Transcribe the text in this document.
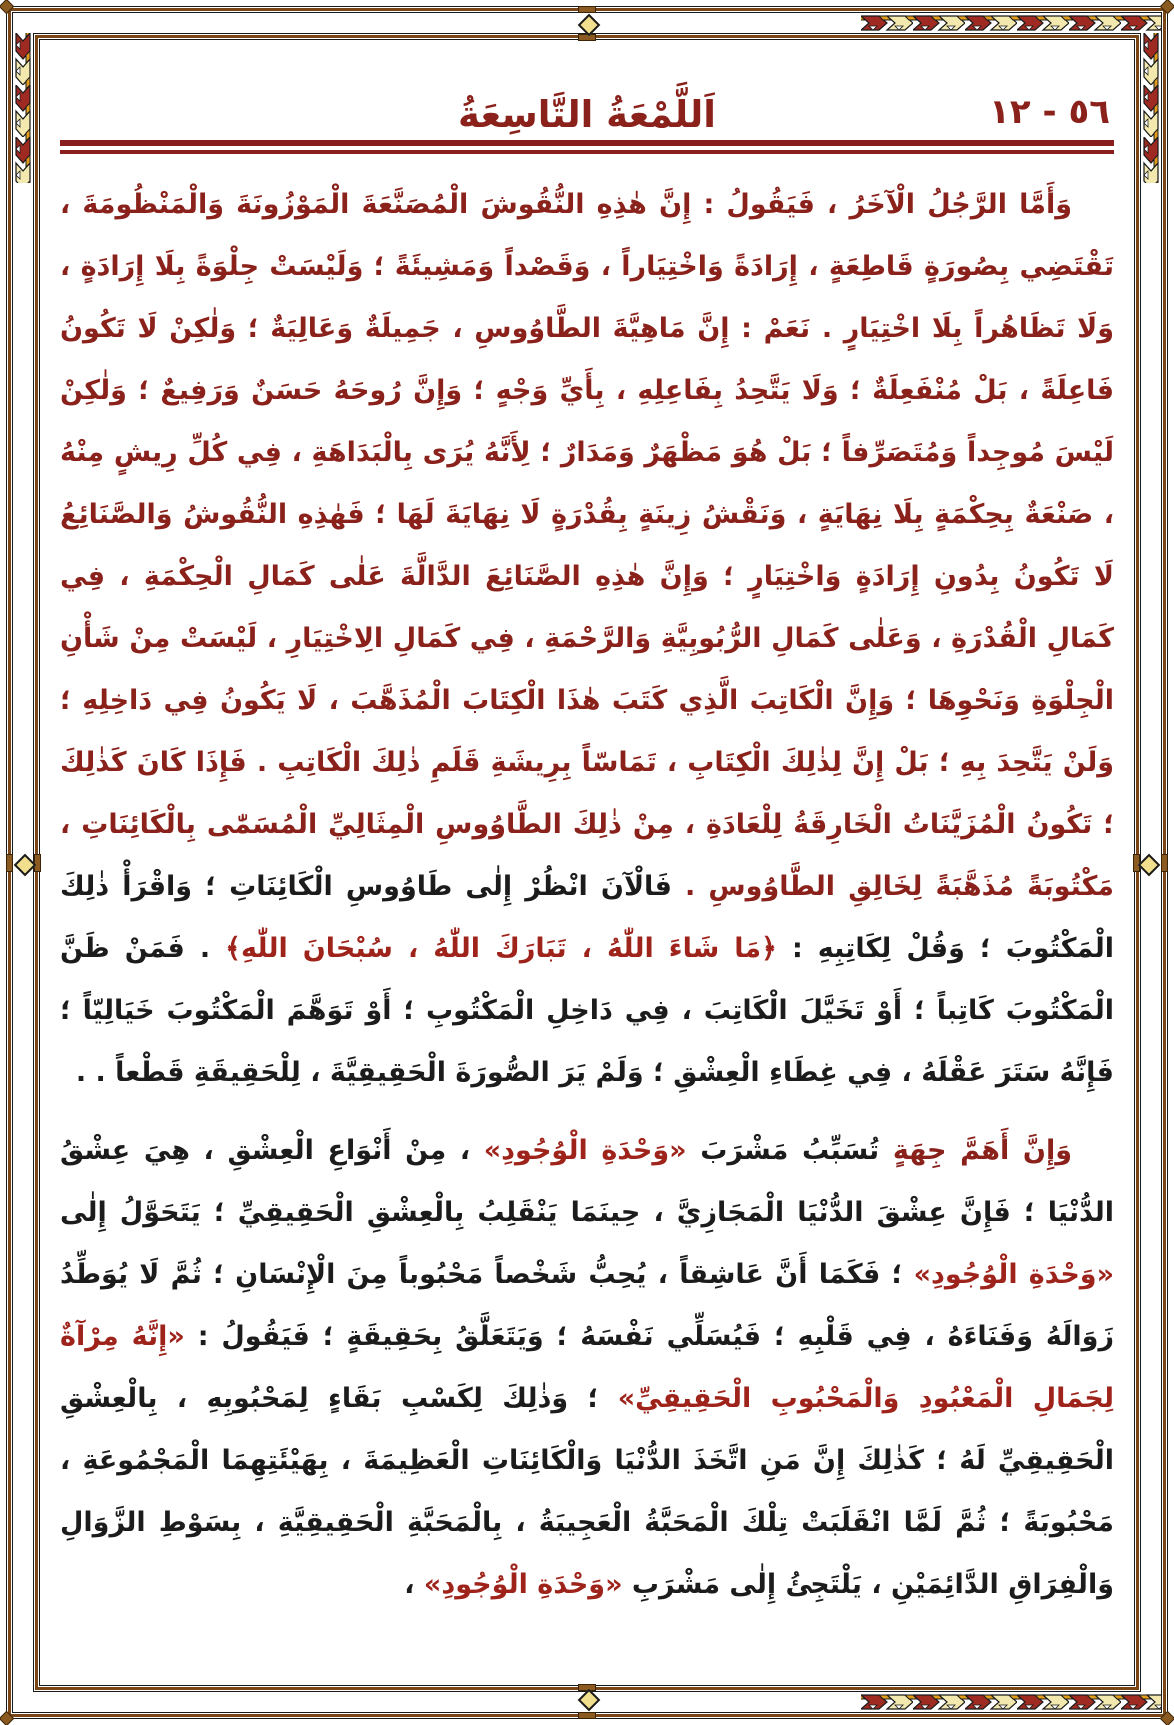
٥٦ - ١٢
اَللَّمْعَةُ التَّاسِعَةُ

وَأَمَّا الرَّجُلُ الْآخَرُ ، فَيَقُولُ : إِنَّ هٰذِهِ النُّقُوشَ الْمُصَنَّعَةَ الْمَوْزُونَةَ وَالْمَنْظُومَةَ ، تَقْتَضِي بِصُورَةٍ قَاطِعَةٍ ، إِرَادَةً وَاخْتِيَاراً ، وَقَصْداً وَمَشِيئَةً ؛ وَلَيْسَتْ جِلْوَةً بِلَا إِرَادَةٍ ، وَلَا تَظَاهُراً بِلَا اخْتِيَارٍ . نَعَمْ : إِنَّ مَاهِيَّةَ الطَّاوُوسِ ، جَمِيلَةٌ وَعَالِيَةٌ ؛ وَلٰكِنْ لَا تَكُونُ فَاعِلَةً ، بَلْ مُنْفَعِلَةٌ ؛ وَلَا يَتَّحِدُ بِفَاعِلِهِ ، بِأَيِّ وَجْهٍ ؛ وَإِنَّ رُوحَهُ حَسَنٌ وَرَفِيعٌ ؛ وَلٰكِنْ لَيْسَ مُوجِداً وَمُتَصَرِّفاً ؛ بَلْ هُوَ مَظْهَرٌ وَمَدَارٌ ؛ لِأَنَّهُ يُرَى بِالْبَدَاهَةِ ، فِي كُلِّ رِيشٍ مِنْهُ ، صَنْعَةٌ بِحِكْمَةٍ بِلَا نِهَايَةٍ ، وَنَقْشُ زِينَةٍ بِقُدْرَةٍ لَا نِهَايَةَ لَهَا ؛ فَهٰذِهِ النُّقُوشُ وَالصَّنَائِعُ لَا تَكُونُ بِدُونِ إِرَادَةٍ وَاخْتِيَارٍ ؛ وَإِنَّ هٰذِهِ الصَّنَائِعَ الدَّالَّةَ عَلٰى كَمَالِ الْحِكْمَةِ ، فِي كَمَالِ الْقُدْرَةِ ، وَعَلٰى كَمَالِ الرُّبُوبِيَّةِ وَالرَّحْمَةِ ، فِي كَمَالِ الِاخْتِيَارِ ، لَيْسَتْ مِنْ شَأْنِ الْجِلْوَةِ وَنَحْوِهَا ؛ وَإِنَّ الْكَاتِبَ الَّذِي كَتَبَ هٰذَا الْكِتَابَ الْمُذَهَّبَ ، لَا يَكُونُ فِي دَاخِلِهِ ؛ وَلَنْ يَتَّحِدَ بِهِ ؛ بَلْ إِنَّ لِذٰلِكَ الْكِتَابِ ، تَمَاسّاً بِرِيشَةِ قَلَمِ ذٰلِكَ الْكَاتِبِ . فَإِذَا كَانَ كَذٰلِكَ ؛ تَكُونُ الْمُزَيَّنَاتُ الْخَارِقَةُ لِلْعَادَةِ ، مِنْ ذٰلِكَ الطَّاوُوسِ الْمِثَالِيِّ الْمُسَمّٰى بِالْكَائِنَاتِ ، مَكْتُوبَةً مُذَهَّبَةً لِخَالِقِ الطَّاوُوسِ . فَالْآنَ انْظُرْ إِلٰى طَاوُوسِ الْكَائِنَاتِ ؛ وَاقْرَأْ ذٰلِكَ الْمَكْتُوبَ ؛ وَقُلْ لِكَاتِبِهِ : ﴿مَا شَاءَ اللّٰهُ ، تَبَارَكَ اللّٰهُ ، سُبْحَانَ اللّٰهِ﴾ . فَمَنْ ظَنَّ الْمَكْتُوبَ كَاتِباً ؛ أَوْ تَخَيَّلَ الْكَاتِبَ ، فِي دَاخِلِ الْمَكْتُوبِ ؛ أَوْ تَوَهَّمَ الْمَكْتُوبَ خَيَالِيّاً ؛ فَإِنَّهُ سَتَرَ عَقْلَهُ ، فِي غِطَاءِ الْعِشْقِ ؛ وَلَمْ يَرَ الصُّورَةَ الْحَقِيقِيَّةَ ، لِلْحَقِيقَةِ قَطْعاً . .

وَإِنَّ أَهَمَّ جِهَةٍ تُسَبِّبُ مَشْرَبَ «وَحْدَةِ الْوُجُودِ» ، مِنْ أَنْوَاعِ الْعِشْقِ ، هِيَ عِشْقُ الدُّنْيَا ؛ فَإِنَّ عِشْقَ الدُّنْيَا الْمَجَازِيَّ ، حِينَمَا يَنْقَلِبُ بِالْعِشْقِ الْحَقِيقِيِّ ؛ يَتَحَوَّلُ إِلٰى «وَحْدَةِ الْوُجُودِ» ؛ فَكَمَا أَنَّ عَاشِقاً ، يُحِبُّ شَخْصاً مَحْبُوباً مِنَ الْإِنْسَانِ ؛ ثُمَّ لَا يُوَطِّدُ زَوَالَهُ وَفَنَاءَهُ ، فِي قَلْبِهِ ؛ فَيُسَلِّي نَفْسَهُ ؛ وَيَتَعَلَّقُ بِحَقِيقَةٍ ؛ فَيَقُولُ : «إِنَّهُ مِرْآةٌ لِجَمَالِ الْمَعْبُودِ وَالْمَحْبُوبِ الْحَقِيقِيِّ» ؛ وَذٰلِكَ لِكَسْبِ بَقَاءٍ لِمَحْبُوبِهِ ، بِالْعِشْقِ الْحَقِيقِيِّ لَهُ ؛ كَذٰلِكَ إِنَّ مَنِ اتَّخَذَ الدُّنْيَا وَالْكَائِنَاتِ الْعَظِيمَةَ ، بِهَيْئَتِهِمَا الْمَجْمُوعَةِ ، مَحْبُوبَةً ؛ ثُمَّ لَمَّا انْقَلَبَتْ تِلْكَ الْمَحَبَّةُ الْعَجِيبَةُ ، بِالْمَحَبَّةِ الْحَقِيقِيَّةِ ، بِسَوْطِ الزَّوَالِ وَالْفِرَاقِ الدَّائِمَيْنِ ، يَلْتَجِئُ إِلٰى مَشْرَبِ «وَحْدَةِ الْوُجُودِ» ،
